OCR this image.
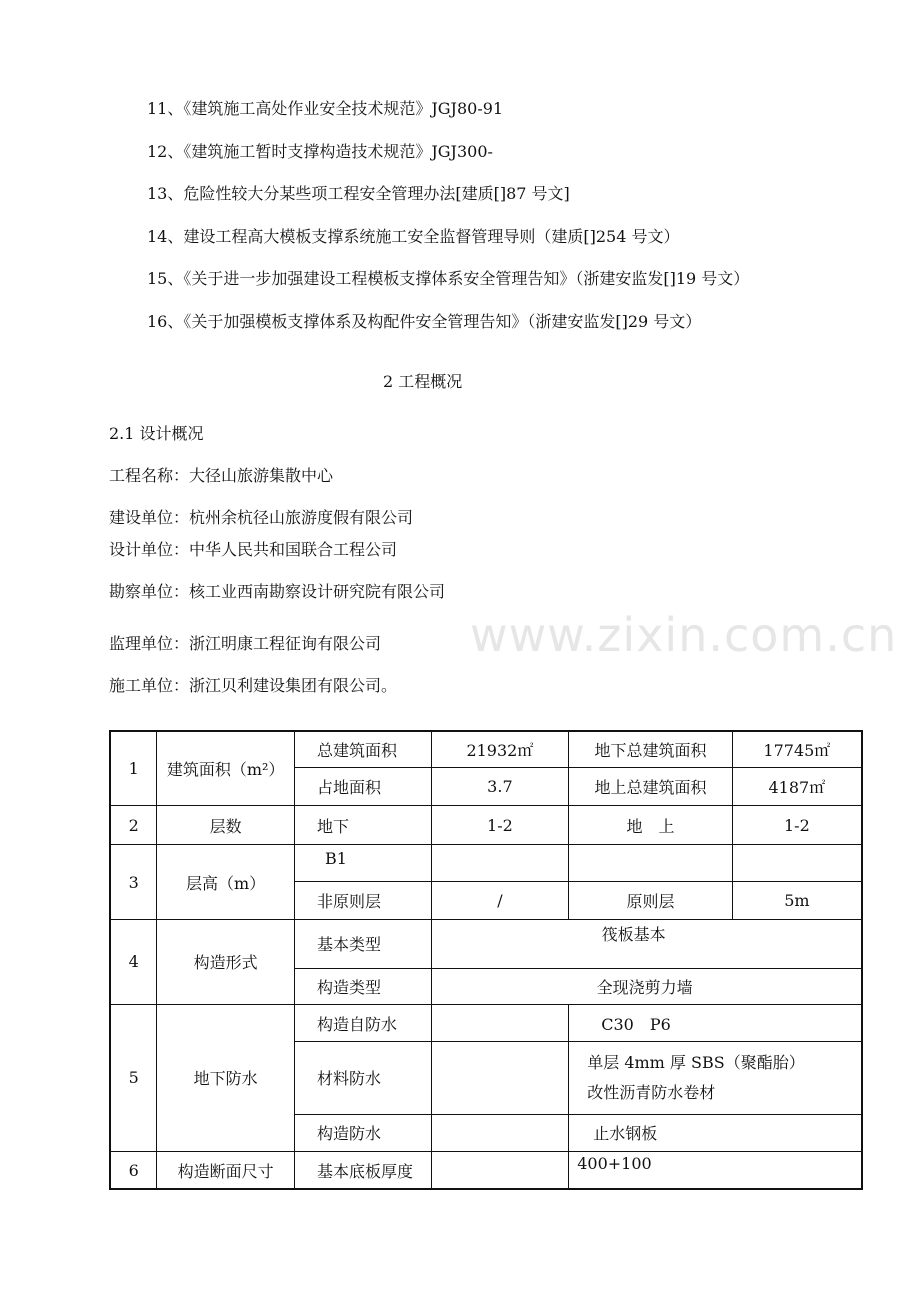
11、《建筑施工高处作业安全技术规范》JGJ80-91
12、《建筑施工暂时支撑构造技术规范》JGJ300-
13、危险性较大分某些项工程安全管理办法[建质[]87 号文]
14、建设工程高大模板支撑系统施工安全监督管理导则（建质[]254 号文）
15、《关于进一步加强建设工程模板支撑体系安全管理告知》（浙建安监发[]19 号文）
16、《关于加强模板支撑体系及构配件安全管理告知》（浙建安监发[]29 号文）
2 工程概况
2.1 设计概况
工程名称：大径山旅游集散中心
建设单位：杭州余杭径山旅游度假有限公司
设计单位：中华人民共和国联合工程公司
勘察单位：核工业西南勘察设计研究院有限公司
监理单位：浙江明康工程征询有限公司
施工单位：浙江贝利建设集团有限公司。
www.zixin.com.cn
1	建筑面积（m²）	总建筑面积	21932㎡	地下总建筑面积	17745㎡
		占地面积	3.7	地上总建筑面积	4187㎡
2	层数	地下	1-2	地　上	1-2
3	层高（m）	B1			
		非原则层	/	原则层	5m
4	构造形式	基本类型	筏板基本		
		构造类型	全现浇剪力墙		
5	地下防水	构造自防水		C30　P6	
		材料防水		单层 4mm 厚 SBS（聚酯胎）
改性沥青防水卷材	

		构造防水		止水钢板	
6	构造断面尺寸	基本底板厚度		400+100	
